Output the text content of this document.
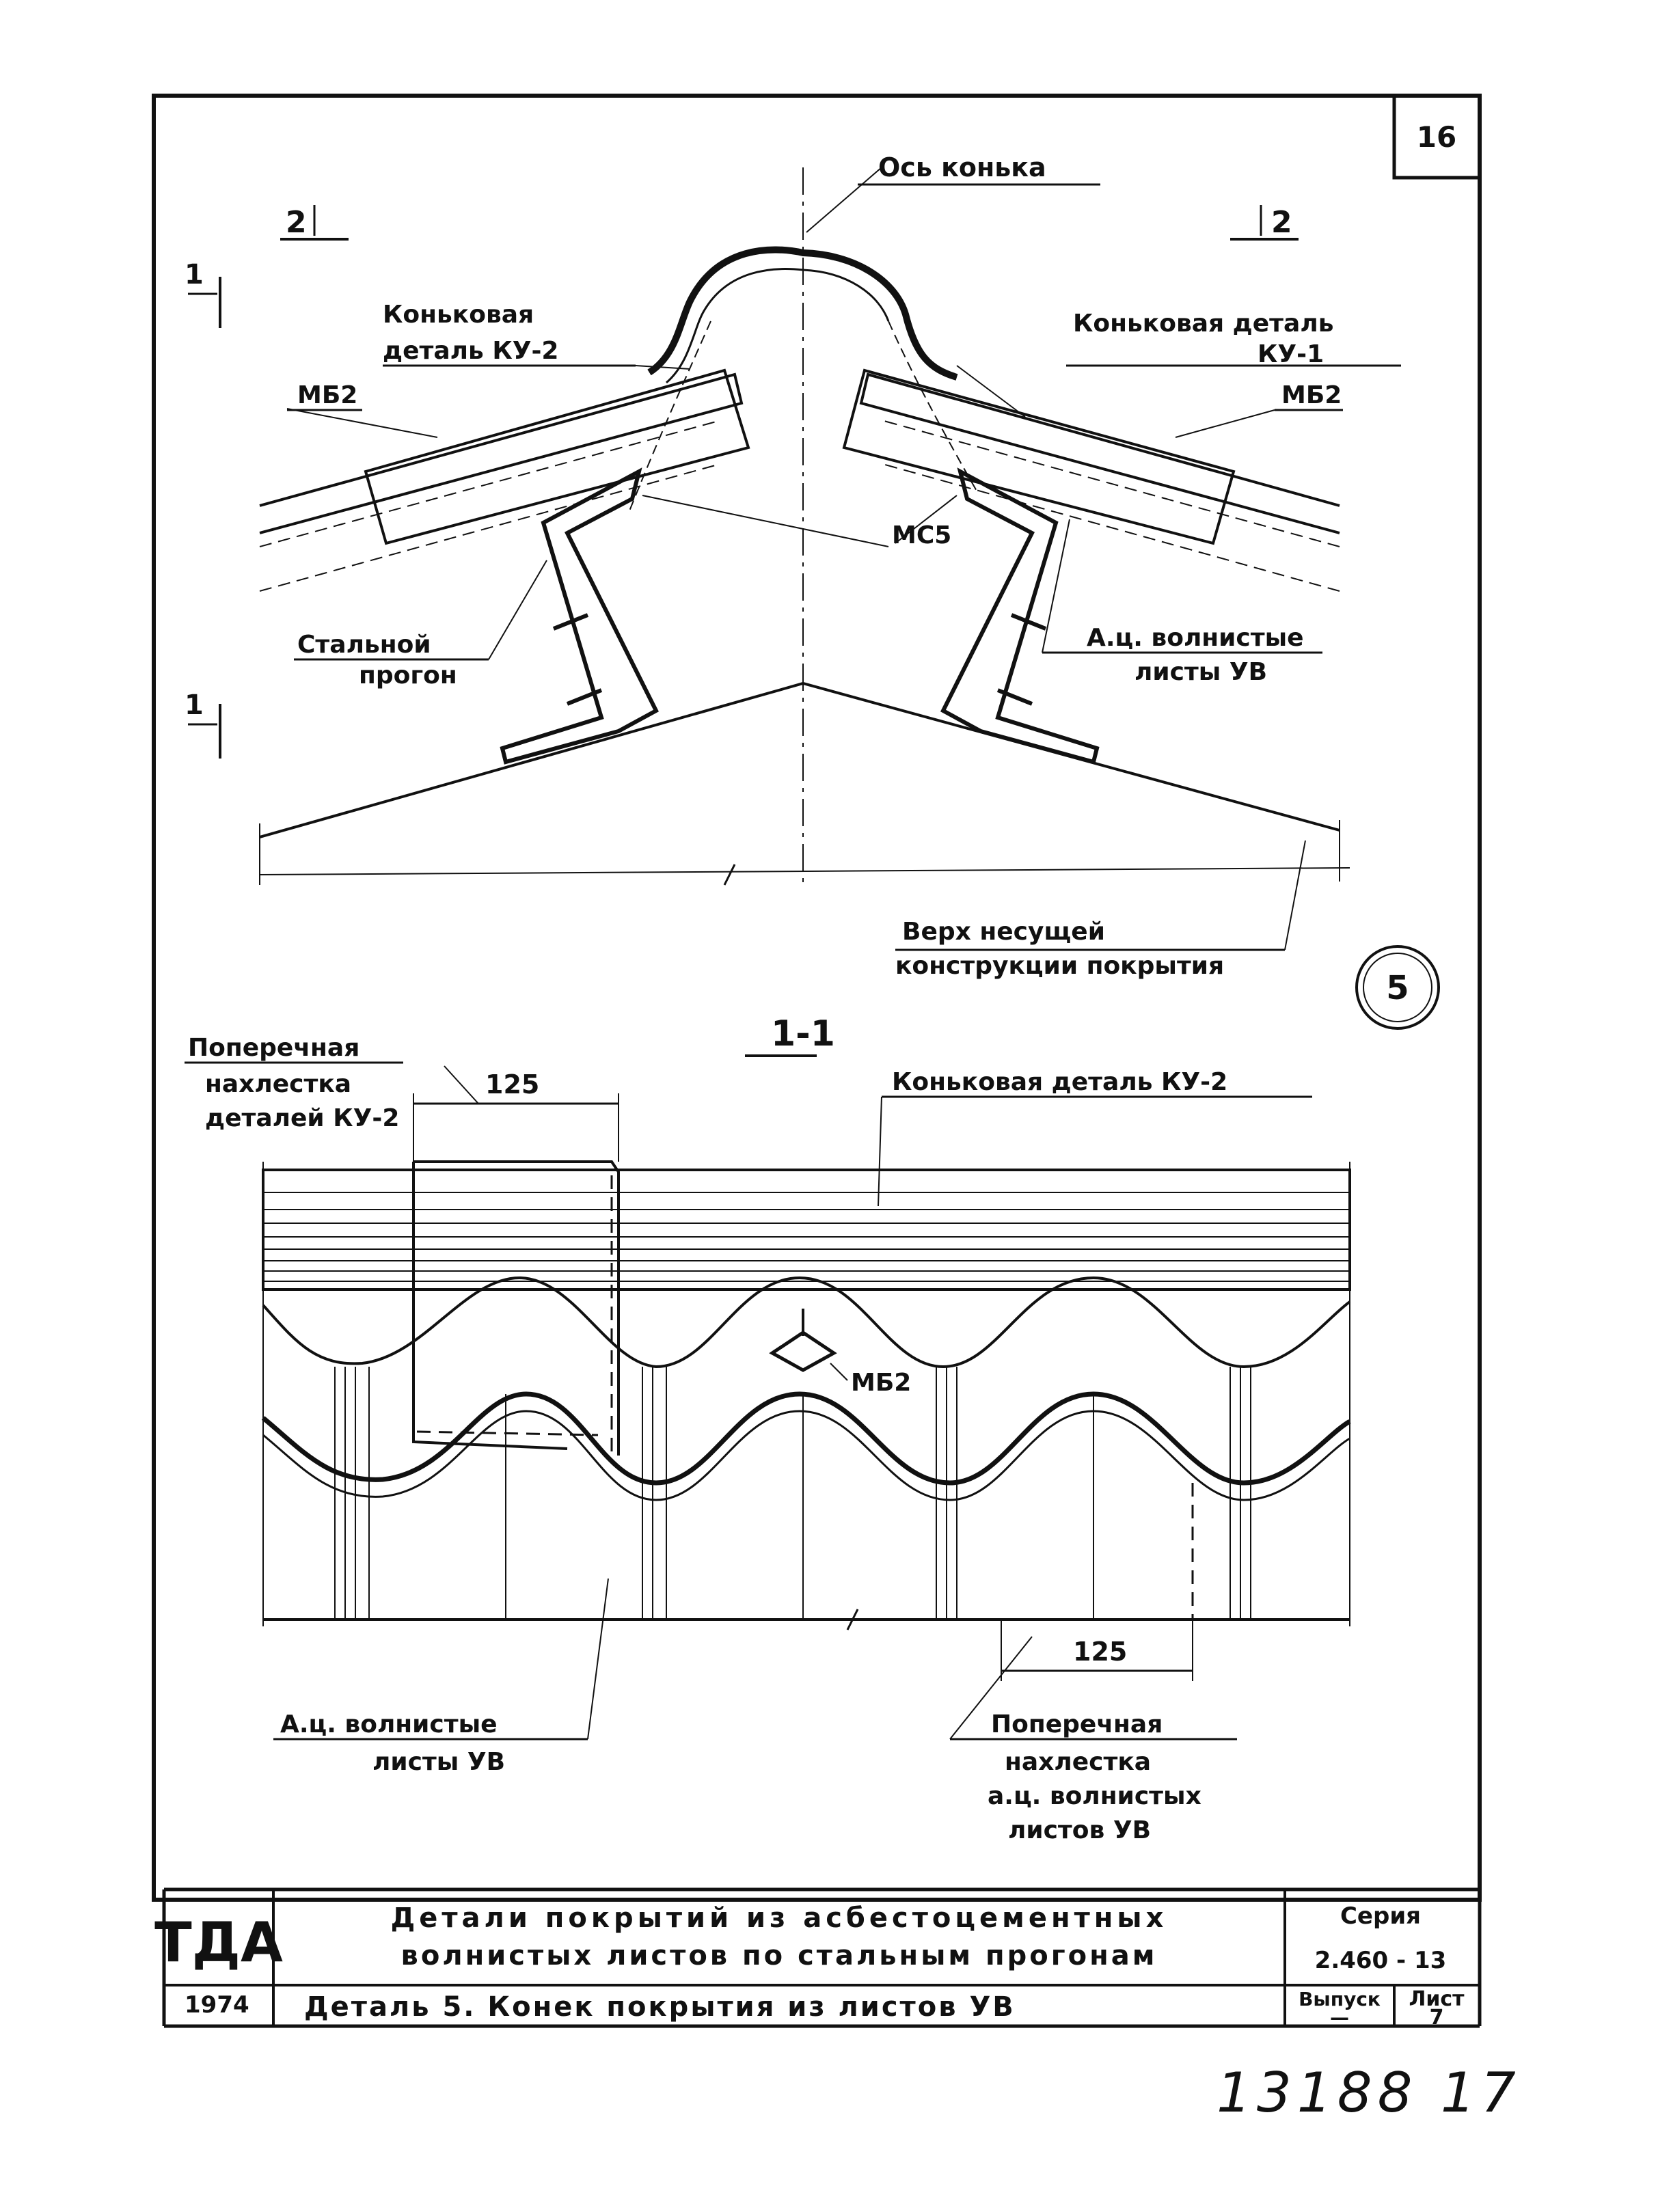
16
Ось конька
2	2
1
1
Коньковая
деталь КУ-2
Коньковая деталь
КУ-1
МБ2	МБ2
МС5
Стальной
прогон
А.ц. волнистые
листы УВ
Верх несущей
конструкции покрытия
5
1-1
МБ2
125
125
Поперечная
нахлестка
деталей КУ-2
Коньковая деталь КУ-2
А.ц. волнистые
листы УВ
Поперечная
нахлестка
а.ц. волнистых
листов УВ
ТДА
1974
Детали покрытий из асбестоцементных
волнистых листов по стальным прогонам
Деталь 5. Конек покрытия из листов УВ
Серия
2.460 - 13
Выпуск
—
Лист
7
13188 17
